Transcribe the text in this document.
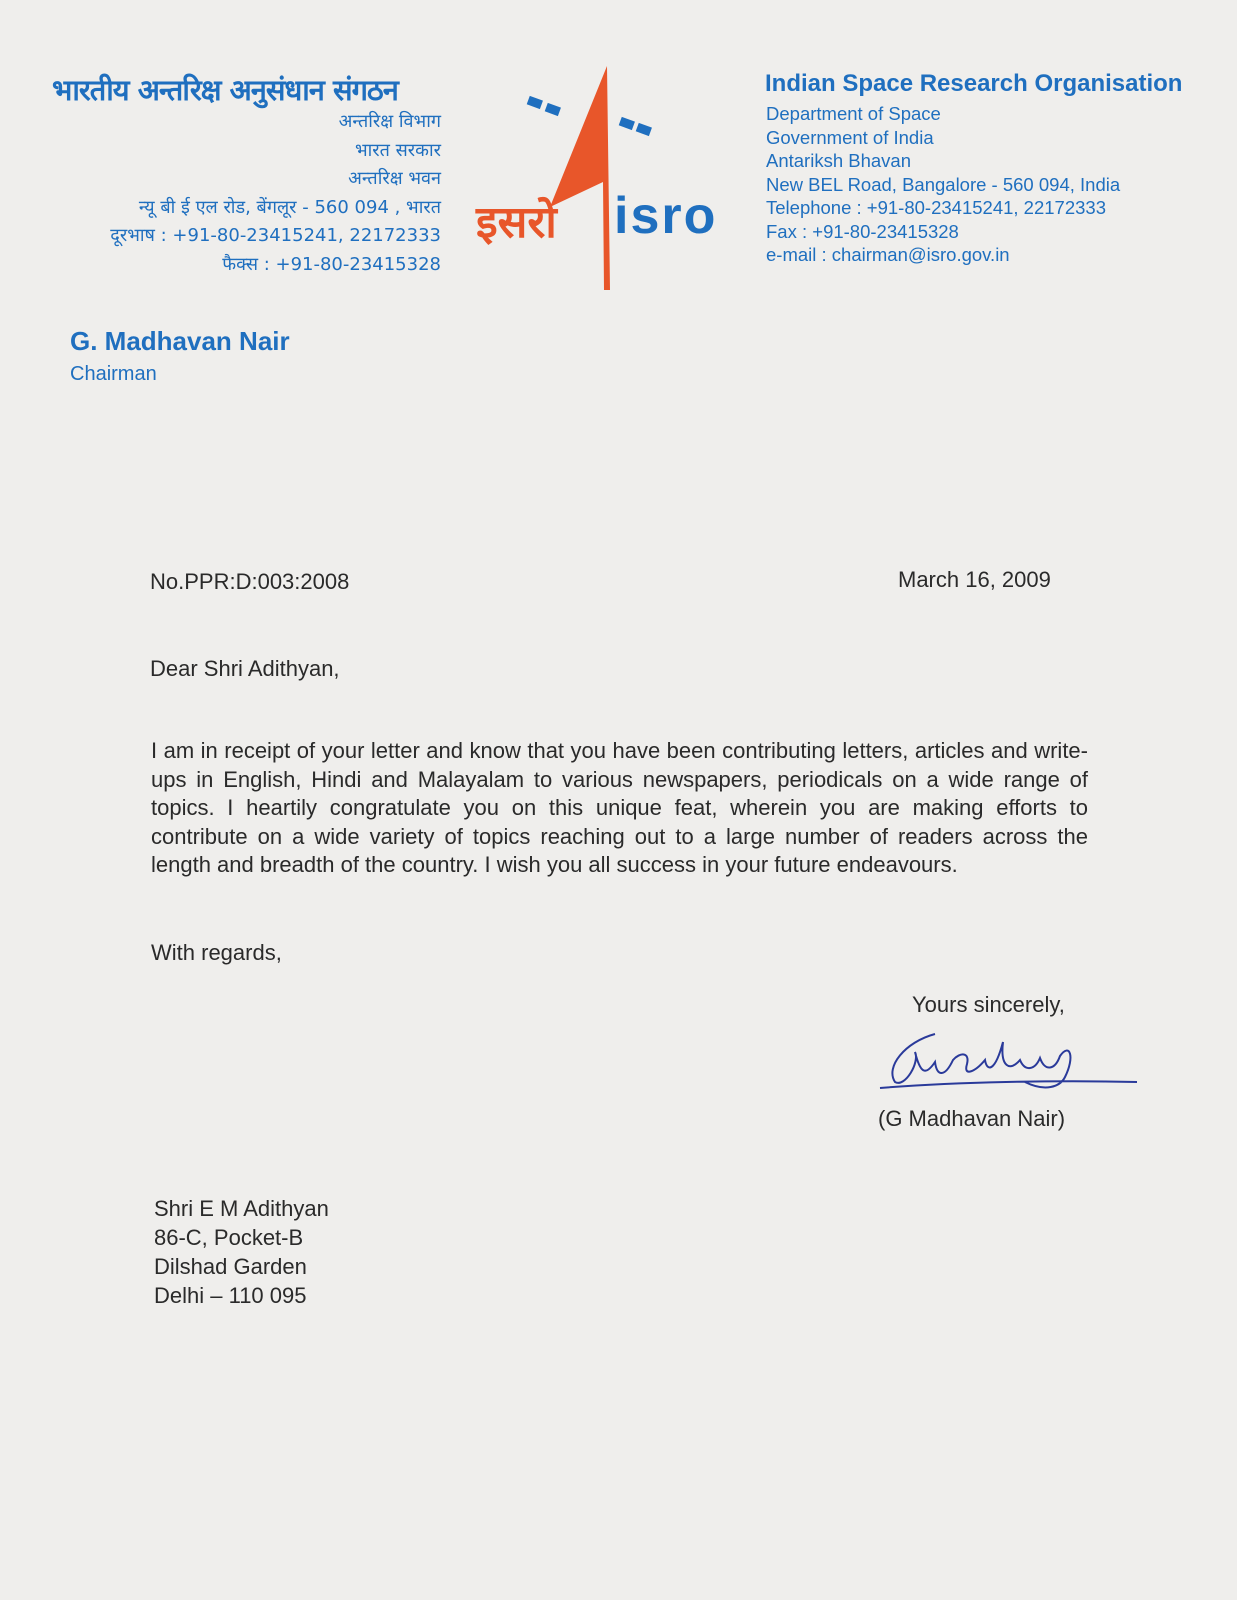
भारतीय अन्तरिक्ष अनुसंधान संगठन
अन्तरिक्ष विभाग
भारत सरकार
अन्तरिक्ष भवन
न्यू बी ई एल रोड, बेंगलूर - 560 094 , भारत
दूरभाष : +91-80-23415241, 22172333
फैक्स : +91-80-23415328
इसरो isro
Indian Space Research Organisation
Department of Space
Government of India
Antariksh Bhavan
New BEL Road, Bangalore - 560 094, India
Telephone : +91-80-23415241, 22172333
Fax : +91-80-23415328
e-mail : chairman@isro.gov.in
G. Madhavan Nair
Chairman
No.PPR:D:003:2008	March 16, 2009
Dear Shri Adithyan,
I am in receipt of your letter and know that you have been contributing letters, articles and write-ups in English, Hindi and Malayalam to various newspapers, periodicals on a wide range of topics. I heartily congratulate you on this unique feat, wherein you are making efforts to contribute on a wide variety of topics reaching out to a large number of readers across the length and breadth of the country. I wish you all success in your future endeavours.
With regards,
Yours sincerely,
(G Madhavan Nair)
Shri E M Adithyan
86-C, Pocket-B
Dilshad Garden
Delhi – 110 095
